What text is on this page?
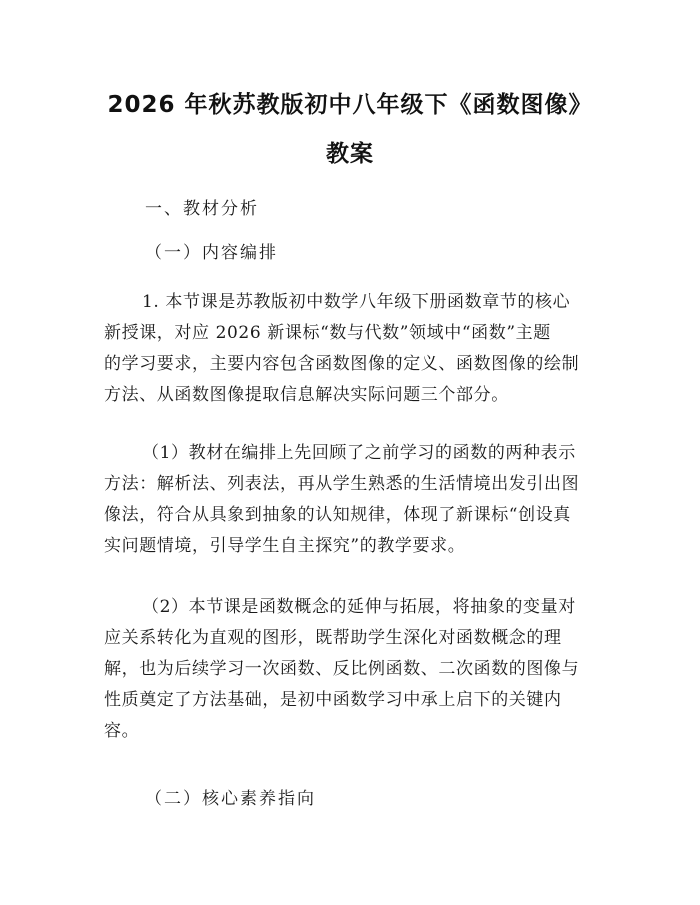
2026 年秋苏教版初中八年级下《函数图像》
教案
一、教材分析
（一）内容编排
1. 本节课是苏教版初中数学八年级下册函数章节的核心
新授课，对应 2026 新课标“数与代数”领域中“函数”主题
的学习要求，主要内容包含函数图像的定义、函数图像的绘制
方法、从函数图像提取信息解决实际问题三个部分。
（1）教材在编排上先回顾了之前学习的函数的两种表示
方法：解析法、列表法，再从学生熟悉的生活情境出发引出图
像法，符合从具象到抽象的认知规律，体现了新课标“创设真
实问题情境，引导学生自主探究”的教学要求。
（2）本节课是函数概念的延伸与拓展，将抽象的变量对
应关系转化为直观的图形，既帮助学生深化对函数概念的理
解，也为后续学习一次函数、反比例函数、二次函数的图像与
性质奠定了方法基础，是初中函数学习中承上启下的关键内
容。
（二）核心素养指向
